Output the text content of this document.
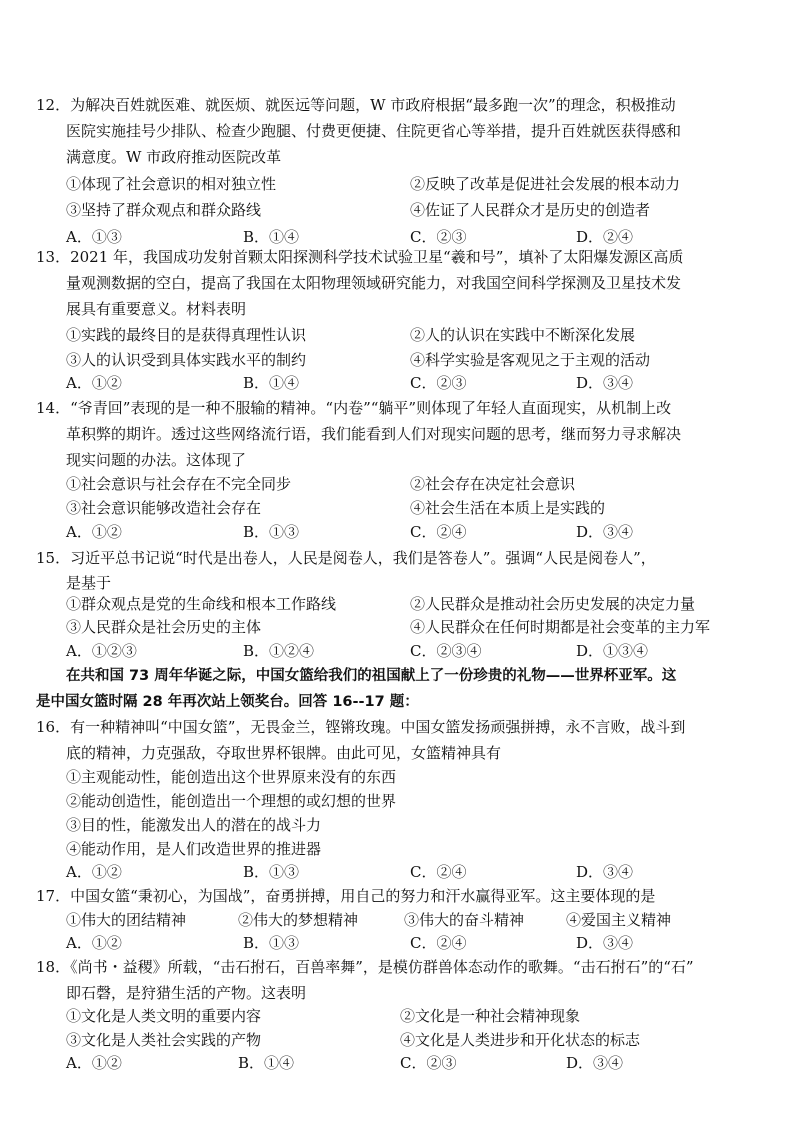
12．为解决百姓就医难、就医烦、就医远等问题，W 市政府根据“最多跑一次”的理念，积极推动
医院实施挂号少排队、检查少跑腿、付费更便捷、住院更省心等举措，提升百姓就医获得感和
满意度。W 市政府推动医院改革
①体现了社会意识的相对独立性	②反映了改革是促进社会发展的根本动力
③坚持了群众观点和群众路线	④佐证了人民群众才是历史的创造者
A．①③	B．①④	C．②③	D．②④
13．2021 年，我国成功发射首颗太阳探测科学技术试验卫星“羲和号”，填补了太阳爆发源区高质
量观测数据的空白，提高了我国在太阳物理领域研究能力，对我国空间科学探测及卫星技术发
展具有重要意义。材料表明
①实践的最终目的是获得真理性认识	②人的认识在实践中不断深化发展
③人的认识受到具体实践水平的制约	④科学实验是客观见之于主观的活动
A．①②	B．①④	C．②③	D．③④
14．“爷青回”表现的是一种不服输的精神。“内卷”“躺平”则体现了年轻人直面现实，从机制上改
革积弊的期许。透过这些网络流行语，我们能看到人们对现实问题的思考，继而努力寻求解决
现实问题的办法。这体现了
①社会意识与社会存在不完全同步	②社会存在决定社会意识
③社会意识能够改造社会存在	④社会生活在本质上是实践的
A．①②	B．①③	C．②④	D．③④
15．习近平总书记说“时代是出卷人，人民是阅卷人，我们是答卷人”。强调“人民是阅卷人”，
是基于
①群众观点是党的生命线和根本工作路线	②人民群众是推动社会历史发展的决定力量
③人民群众是社会历史的主体	④人民群众在任何时期都是社会变革的主力军
A．①②③	B．①②④	C．②③④	D．①③④
在共和国 73 周年华诞之际，中国女篮给我们的祖国献上了一份珍贵的礼物——世界杯亚军。这
是中国女篮时隔 28 年再次站上领奖台。回答 16--17 题：
16．有一种精神叫“中国女篮”，无畏金兰，铿锵玫瑰。中国女篮发扬顽强拼搏，永不言败，战斗到
底的精神，力克强敌，夺取世界杯银牌。由此可见，女篮精神具有
①主观能动性，能创造出这个世界原来没有的东西
②能动创造性，能创造出一个理想的或幻想的世界
③目的性，能激发出人的潜在的战斗力
④能动作用，是人们改造世界的推进器
A．①②	B．①③	C．②④	D．③④
17．中国女篮“秉初心，为国战”，奋勇拼搏，用自己的努力和汗水赢得亚军。这主要体现的是
①伟大的团结精神	②伟大的梦想精神	③伟大的奋斗精神	④爱国主义精神
A．①②	B．①③	C．②④	D．③④
18．《尚书・益稷》所载，“击石拊石，百兽率舞”，是模仿群兽体态动作的歌舞。“击石拊石”的“石”
即石磬，是狩猎生活的产物。这表明
①文化是人类文明的重要内容	②文化是一种社会精神现象
③文化是人类社会实践的产物	④文化是人类进步和开化状态的标志
A．①②	B．①④	C．②③	D．③④
